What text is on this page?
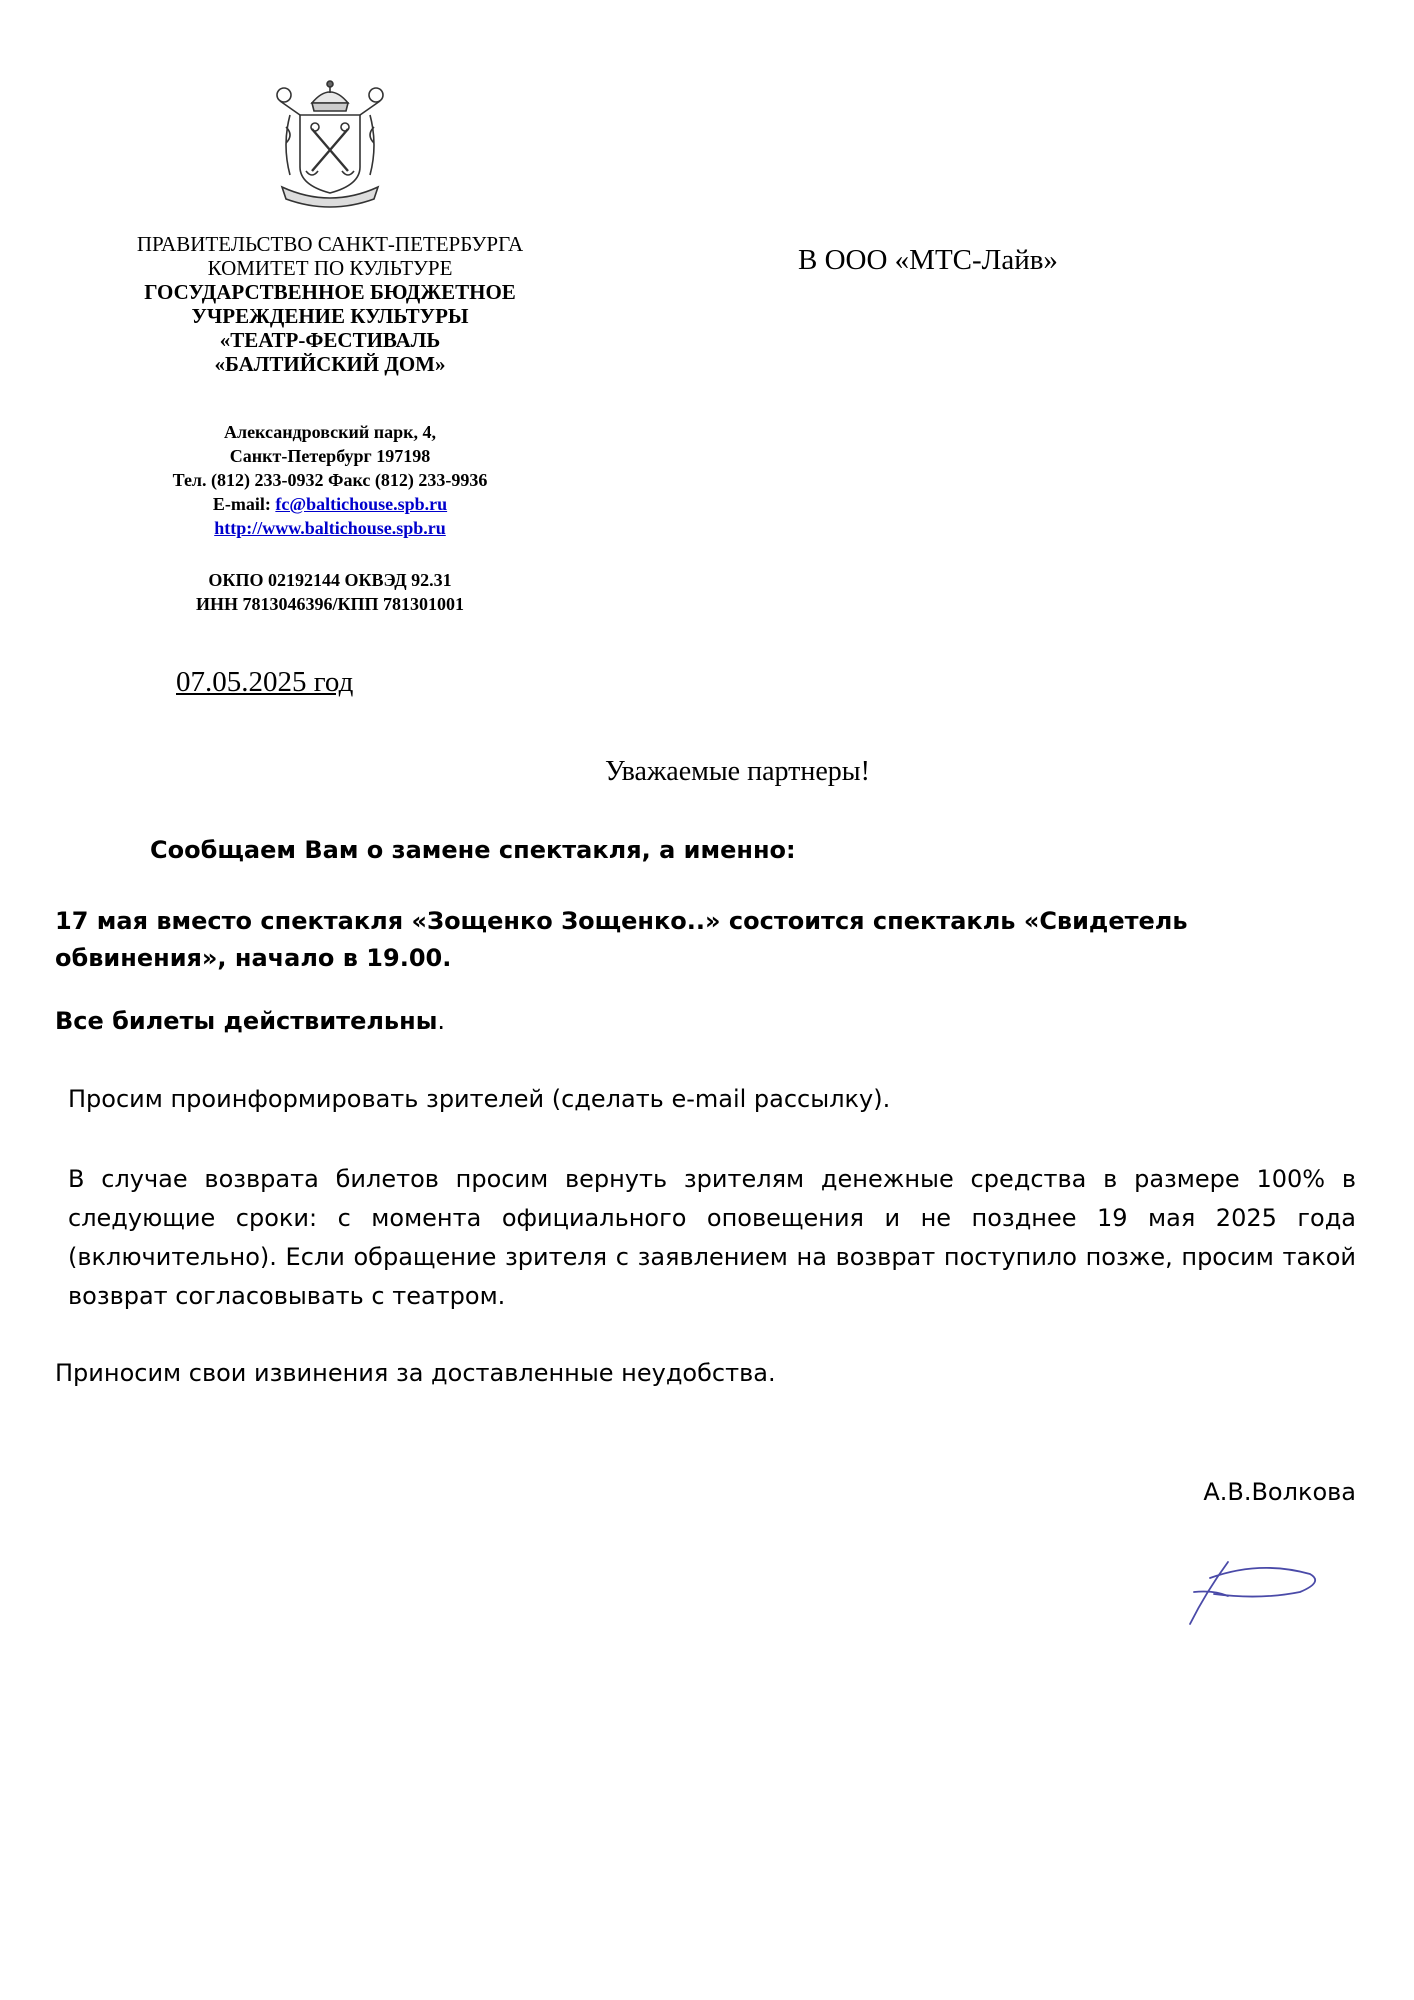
ПРАВИТЕЛЬСТВО САНКТ-ПЕТЕРБУРГА
КОМИТЕТ ПО КУЛЬТУРЕ
ГОСУДАРСТВЕННОЕ БЮДЖЕТНОЕ
УЧРЕЖДЕНИЕ КУЛЬТУРЫ
«ТЕАТР-ФЕСТИВАЛЬ
«БАЛТИЙСКИЙ ДОМ»
Александровский парк, 4,
Санкт-Петербург 197198
Тел. (812) 233-0932 Факс (812) 233-9936
E-mail: fc@baltichouse.spb.ru
http://www.baltichouse.spb.ru
ОКПО 02192144 ОКВЭД 92.31
ИНН 7813046396/КПП 781301001
В ООО «МТС-Лайв»
07.05.2025 год
Уважаемые партнеры!
Сообщаем Вам о замене спектакля, а именно:
17 мая вместо спектакля «Зощенко Зощенко..» состоится спектакль «Свидетель обвинения», начало в 19.00.
Все билеты действительны.
Просим проинформировать зрителей (сделать e-mail рассылку).
В случае возврата билетов просим вернуть зрителям денежные средства в размере 100% в следующие сроки: с момента официального оповещения и не позднее 19 мая 2025 года (включительно). Если обращение зрителя с заявлением на возврат поступило позже, просим такой возврат согласовывать с театром.
Приносим свои извинения за доставленные неудобства.
А.В.Волкова
